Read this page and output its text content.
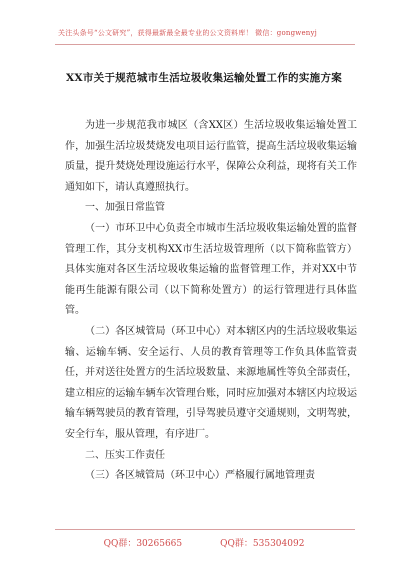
关注头条号“公文研究”，获得最新最全最专业的公文资料库！ 微信：gongwenyj
XX市关于规范城市生活垃圾收集运输处置工作的实施方案

为进一步规范我市城区（含XX区）生活垃圾收集运输处置工作，加强生活垃圾焚烧发电项目运行监管，提高生活垃圾收集运输质量，提升焚烧处理设施运行水平，保障公众利益，现将有关工作通知如下，请认真遵照执行。

一、加强日常监管

（一）市环卫中心负责全市城市生活垃圾收集运输处置的监督管理工作，其分支机构XX市生活垃圾管理所（以下简称监管方）具体实施对各区生活垃圾收集运输的监督管理工作，并对XX中节能再生能源有限公司（以下简称处置方）的运行管理进行具体监管。

（二）各区城管局（环卫中心）对本辖区内的生活垃圾收集运输、运输车辆、安全运行、人员的教育管理等工作负具体监管责任，并对送往处置方的生活垃圾数量、来源地属性等负全部责任，建立相应的运输车辆车次管理台账，同时应加强对本辖区内垃圾运输车辆驾驶员的教育管理，引导驾驶员遵守交通规则，文明驾驶，安全行车，服从管理，有序进厂。

二、压实工作责任

（三）各区城管局（环卫中心）严格履行属地管理责

QQ群：30265665	QQ群：535304092
